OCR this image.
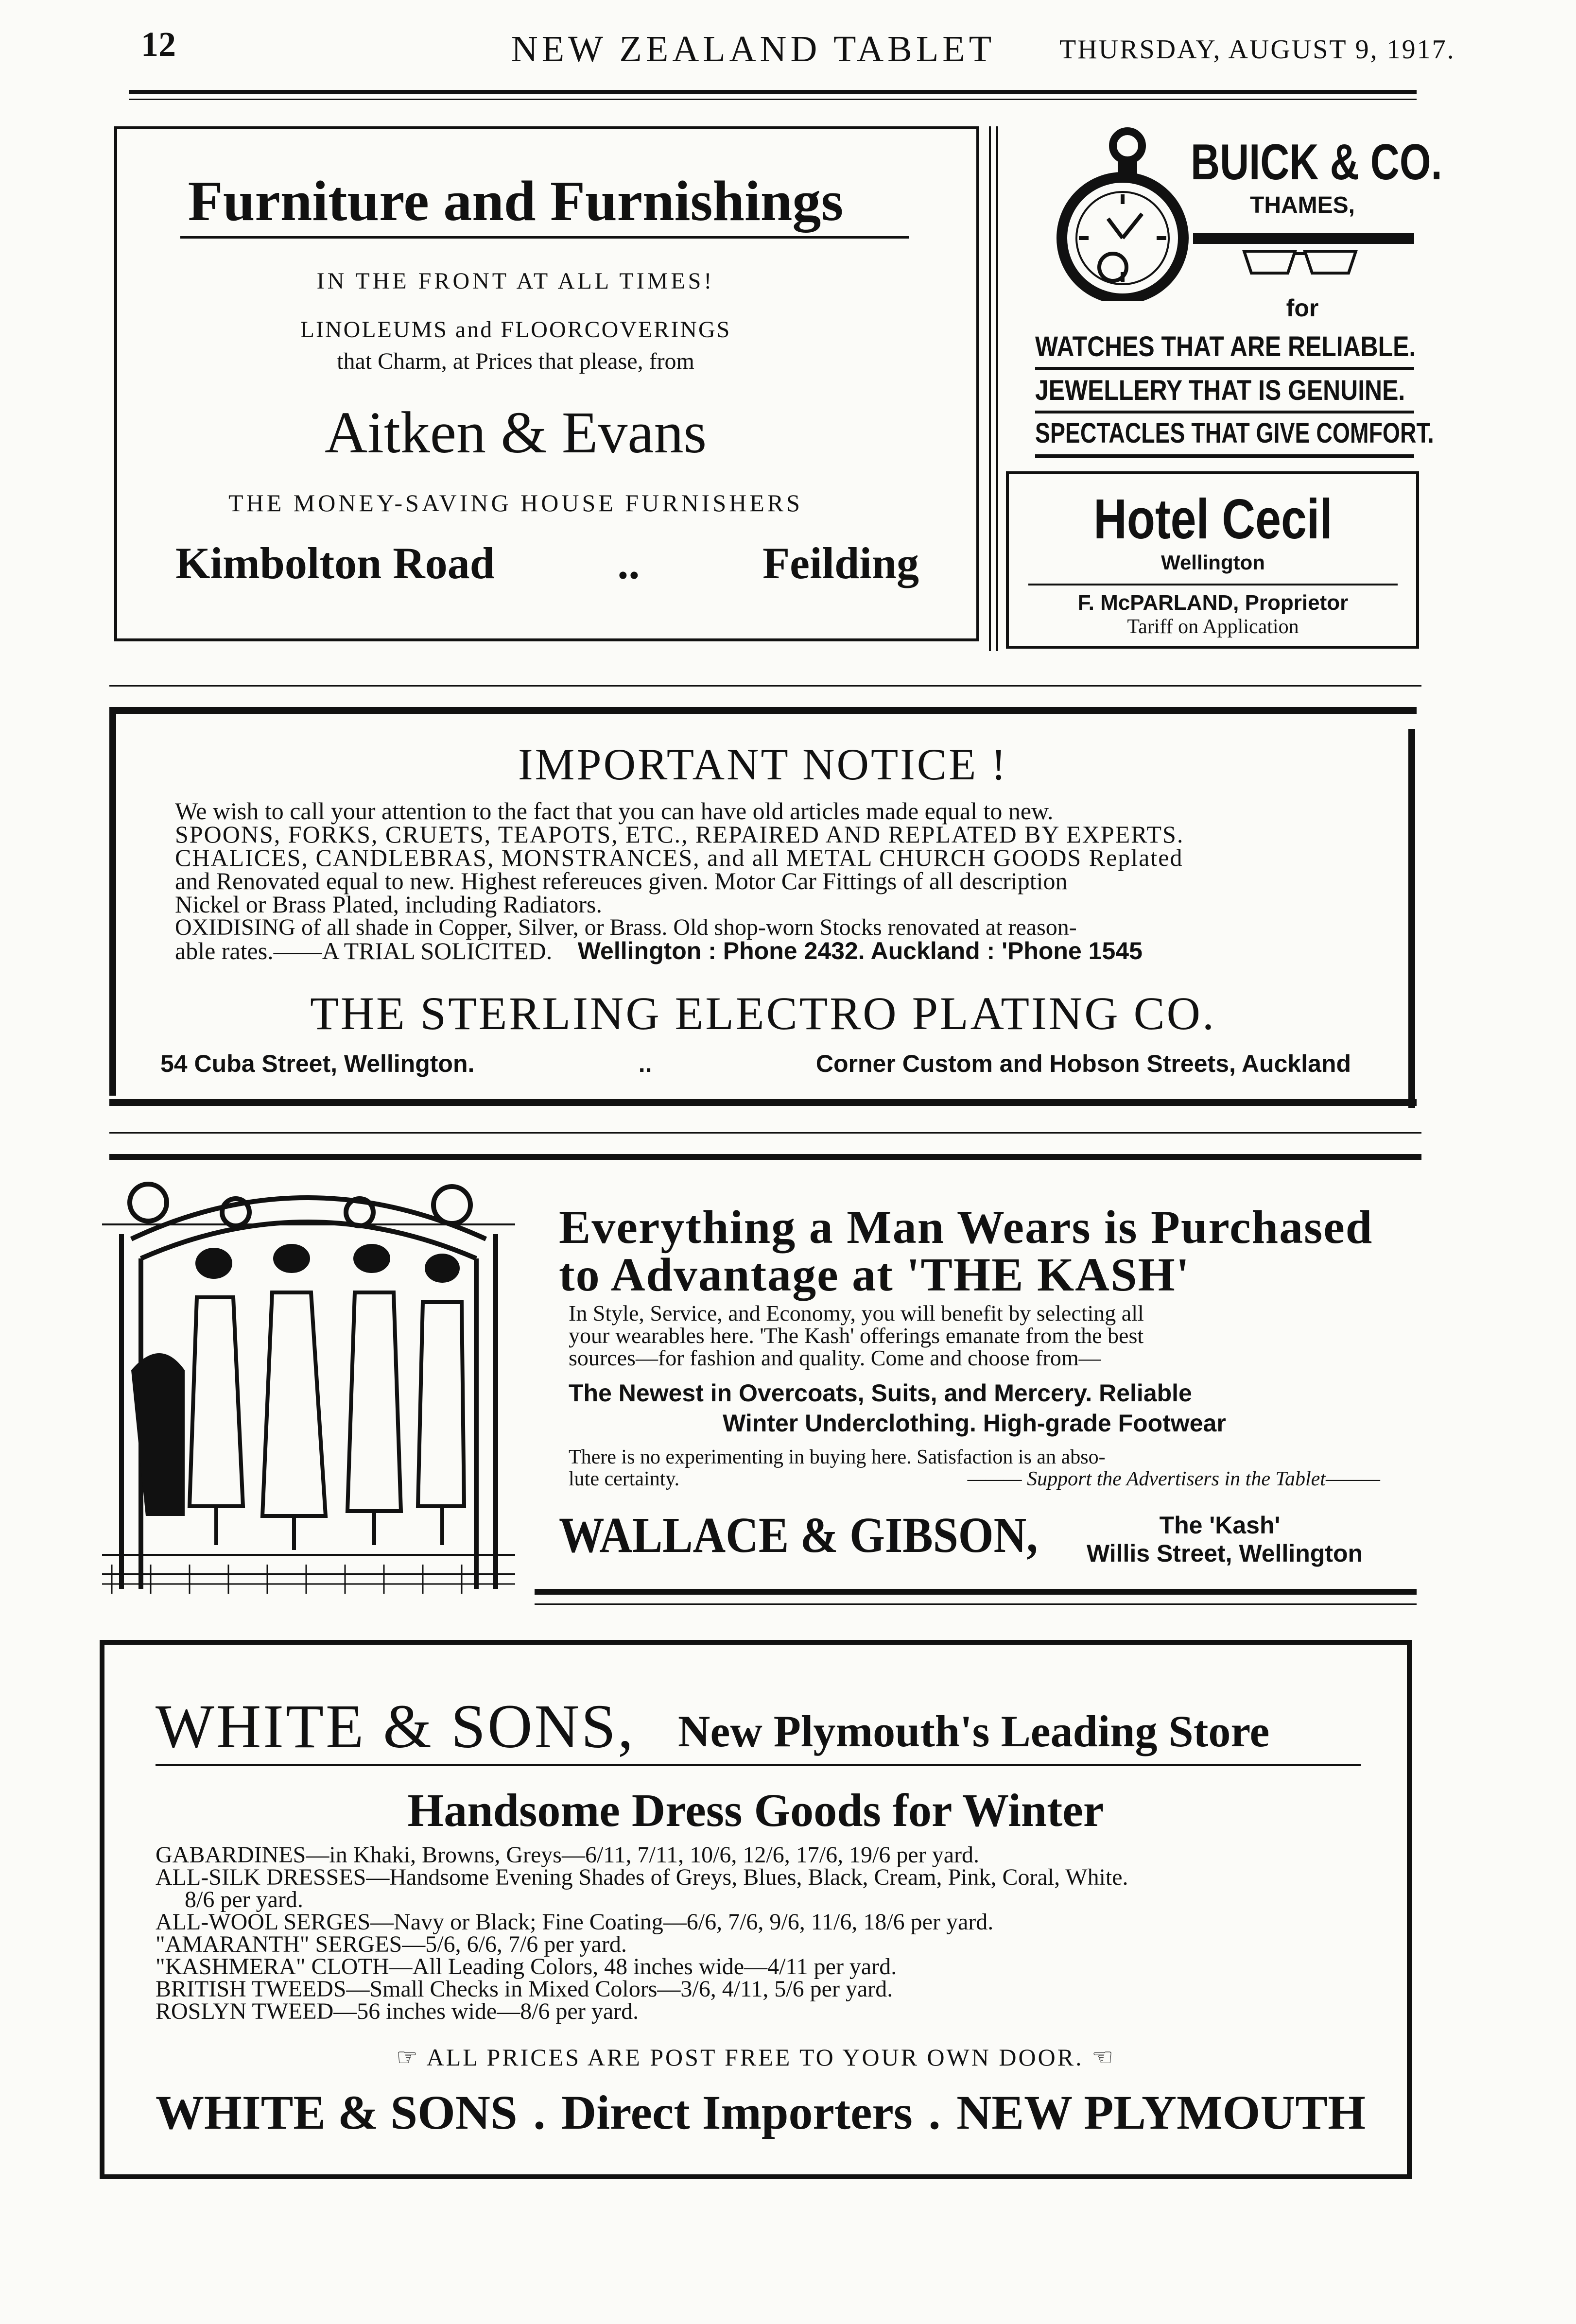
12	NEW ZEALAND TABLET THURSDAY, AUGUST 9, 1917.
Furniture and Furnishings
IN THE FRONT AT ALL TIMES!
LINOLEUMS and FLOORCOVERINGS
that Charm, at Prices that please, from
Aitken & Evans
THE MONEY-SAVING HOUSE FURNISHERS
Kimbolton Road	..	Feilding
BUICK & CO.
THAMES,
for
WATCHES THAT ARE RELIABLE.
JEWELLERY THAT IS GENUINE.
SPECTACLES THAT GIVE COMFORT.
Hotel Cecil
Wellington
F. McPARLAND, Proprietor
Tariff on Application
IMPORTANT NOTICE !
We wish to call your attention to the fact that you can have old articles made equal to new.
SPOONS, FORKS, CRUETS, TEAPOTS, ETC., REPAIRED AND REPLATED BY EXPERTS.
CHALICES, CANDLEBRAS, MONSTRANCES, and all METAL CHURCH GOODS Replated
and Renovated equal to new. Highest refereuces given. Motor Car Fittings of all description
Nickel or Brass Plated, including Radiators.
OXIDISING of all shade in Copper, Silver, or Brass. Old shop-worn Stocks renovated at reason-
able rates.——A TRIAL SOLICITED. Wellington : Phone 2432. Auckland : 'Phone 1545
THE STERLING ELECTRO PLATING CO.
54 Cuba Street, Wellington.	..	Corner Custom and Hobson Streets, Auckland
Everything a Man Wears is Purchased
to Advantage at 'THE KASH'
In Style, Service, and Economy, you will benefit by selecting all
your wearables here. 'The Kash' offerings emanate from the best
sources—for fashion and quality. Come and choose from—
The Newest in Overcoats, Suits, and Mercery. Reliable
Winter Underclothing. High-grade Footwear
There is no experimenting in buying here. Satisfaction is an abso-
lute certainty.	——— Support the Advertisers in the Tablet———
WALLACE & GIBSON,	The 'Kash'
Willis Street, Wellington
WHITE & SONS, New Plymouth's Leading Store
Handsome Dress Goods for Winter
GABARDINES—in Khaki, Browns, Greys—6/11, 7/11, 10/6, 12/6, 17/6, 19/6 per yard.
ALL-SILK DRESSES—Handsome Evening Shades of Greys, Blues, Black, Cream, Pink, Coral, White.
8/6 per yard.
ALL-WOOL SERGES—Navy or Black; Fine Coating—6/6, 7/6, 9/6, 11/6, 18/6 per yard.
"AMARANTH" SERGES—5/6, 6/6, 7/6 per yard.
"KASHMERA" CLOTH—All Leading Colors, 48 inches wide—4/11 per yard.
BRITISH TWEEDS—Small Checks in Mixed Colors—3/6, 4/11, 5/6 per yard.
ROSLYN TWEED—56 inches wide—8/6 per yard.
☞ ALL PRICES ARE POST FREE TO YOUR OWN DOOR. ☜
WHITE & SONS . Direct Importers . NEW PLYMOUTH
